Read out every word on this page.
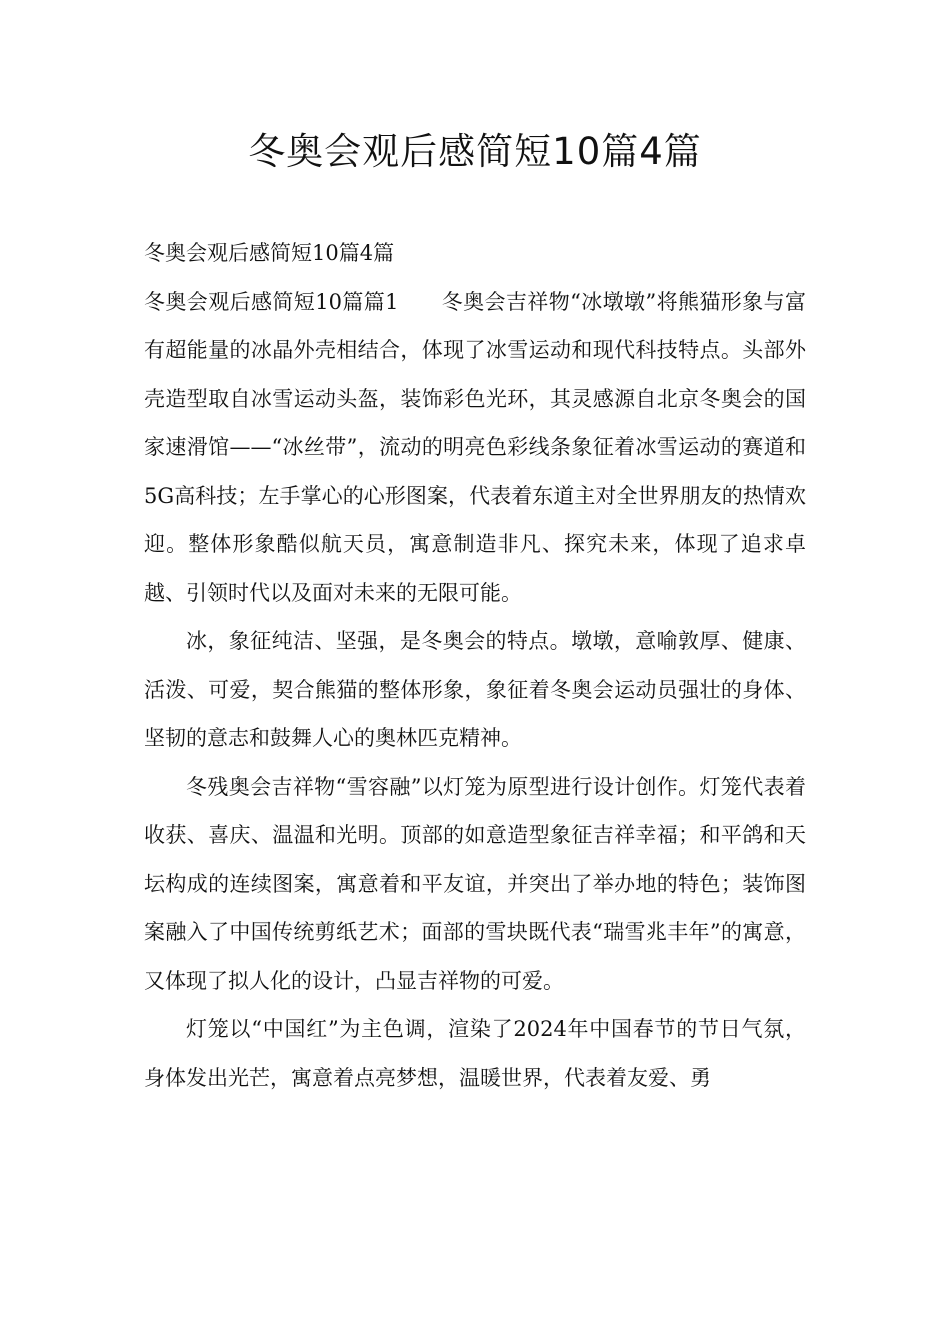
冬奥会观后感简短10篇4篇

冬奥会观后感简短10篇4篇

冬奥会观后感简短10篇篇1　　冬奥会吉祥物“冰墩墩”将熊猫形象与富有超能量的冰晶外壳相结合，体现了冰雪运动和现代科技特点。头部外壳造型取自冰雪运动头盔，装饰彩色光环，其灵感源自北京冬奥会的国家速滑馆——“冰丝带”，流动的明亮色彩线条象征着冰雪运动的赛道和5G高科技；左手掌心的心形图案，代表着东道主对全世界朋友的热情欢迎。整体形象酷似航天员，寓意制造非凡、探究未来，体现了追求卓越、引领时代以及面对未来的无限可能。

冰，象征纯洁、坚强，是冬奥会的特点。墩墩，意喻敦厚、健康、活泼、可爱，契合熊猫的整体形象，象征着冬奥会运动员强壮的身体、坚韧的意志和鼓舞人心的奥林匹克精神。

冬残奥会吉祥物“雪容融”以灯笼为原型进行设计创作。灯笼代表着收获、喜庆、温温和光明。顶部的如意造型象征吉祥幸福；和平鸽和天坛构成的连续图案，寓意着和平友谊，并突出了举办地的特色；装饰图案融入了中国传统剪纸艺术；面部的雪块既代表“瑞雪兆丰年”的寓意，又体现了拟人化的设计，凸显吉祥物的可爱。

灯笼以“中国红”为主色调，渲染了2024年中国春节的节日气氛，身体发出光芒，寓意着点亮梦想，温暖世界，代表着友爱、勇
